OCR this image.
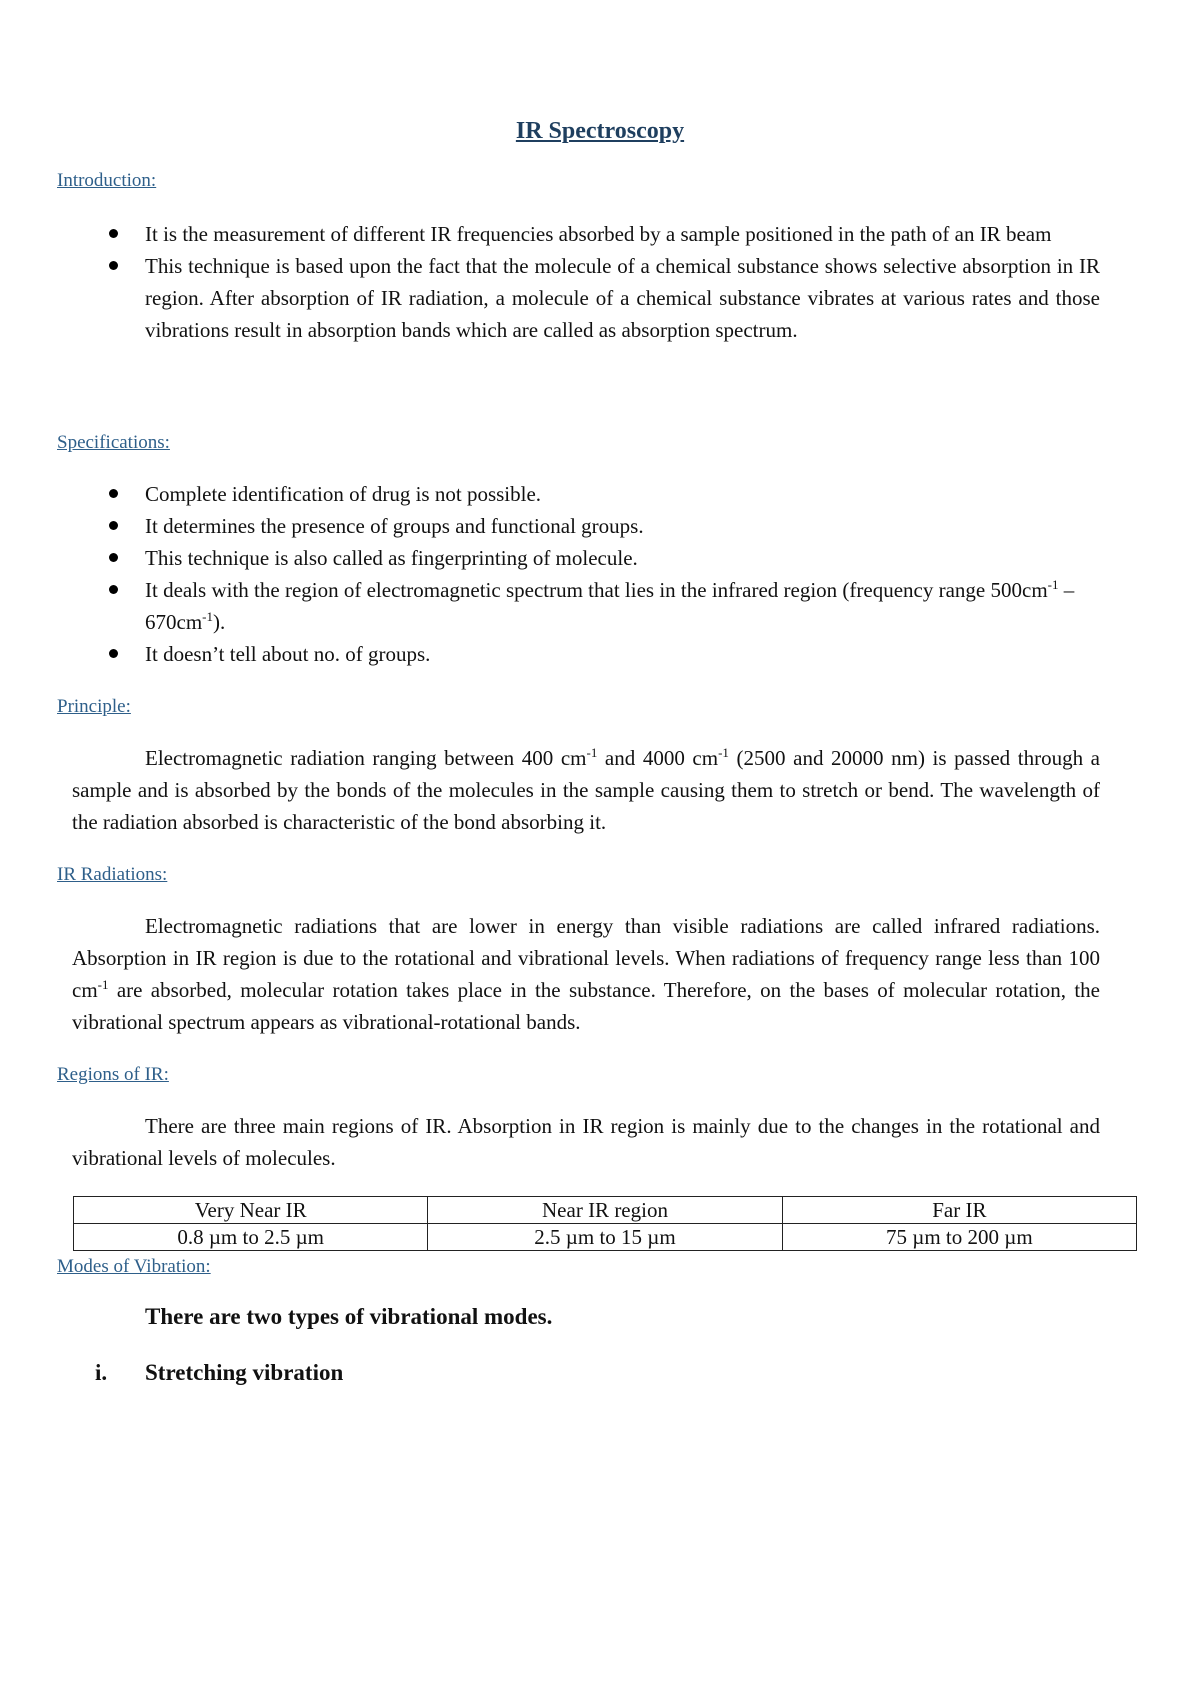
IR Spectroscopy
Introduction:
It is the measurement of different IR frequencies absorbed by a sample positioned in the path of an IR beam
This technique is based upon the fact that the molecule of a chemical substance shows selective absorption in IR region. After absorption of IR radiation, a molecule of a chemical substance vibrates at various rates and those vibrations result in absorption bands which are called as absorption spectrum.
Specifications:
Complete identification of drug is not possible.
It determines the presence of groups and functional groups.
This technique is also called as fingerprinting of molecule.
It deals with the region of electromagnetic spectrum that lies in the infrared region (frequency range $500cm^{-1} - 670cm^{-1}$).
It doesn’t tell about no. of groups.
Principle:

Electromagnetic radiation ranging between 400 $cm^{-1}$ and 4000 $cm^{-1}$ (2500 and 20000 nm) is passed through a sample and is absorbed by the bonds of the molecules in the sample causing them to stretch or bend. The wavelength of the radiation absorbed is characteristic of the bond absorbing it.

IR Radiations:

Electromagnetic radiations that are lower in energy than visible radiations are called infrared radiations. Absorption in IR region is due to the rotational and vibrational levels. When radiations of frequency range less than 100 $cm^{-1}$ are absorbed, molecular rotation takes place in the substance. Therefore, on the bases of molecular rotation, the vibrational spectrum appears as vibrational-rotational bands.

Regions of IR:

There are three main regions of IR. Absorption in IR region is mainly due to the changes in the rotational and vibrational levels of molecules.

Very Near IR	Near IR region	Far IR
0.8 µm to 2.5 µm	2.5 µm to 15 µm	75 µm to 200 µm
Modes of Vibration:
There are two types of vibrational modes.
i. Stretching vibration
